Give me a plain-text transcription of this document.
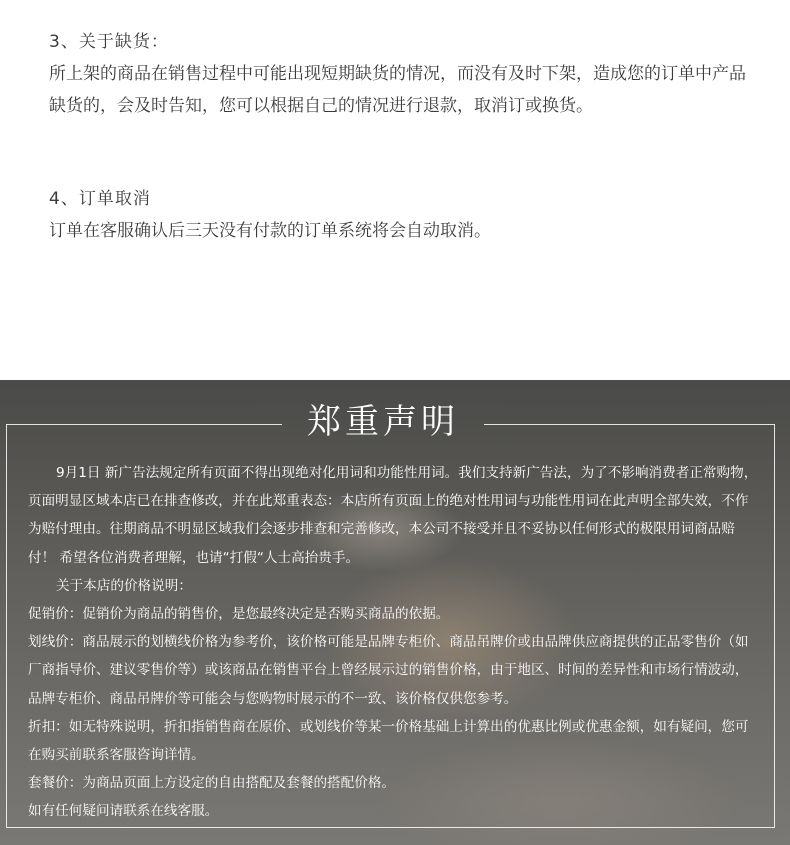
3、关于缺货：

所上架的商品在销售过程中可能出现短期缺货的情况，而没有及时下架，造成您的订单中产品缺货的，会及时告知，您可以根据自己的情况进行退款，取消订或换货。

4、订单取消

订单在客服确认后三天没有付款的订单系统将会自动取消。

郑重声明

9月1日 新广告法规定所有页面不得出现绝对化用词和功能性用词。我们支持新广告法，为了不影响消费者正常购物，页面明显区域本店已在排查修改，并在此郑重表态：本店所有页面上的绝对性用词与功能性用词在此声明全部失效，不作为赔付理由。往期商品不明显区域我们会逐步排查和完善修改，本公司不接受并且不妥协以任何形式的极限用词商品赔付！ 希望各位消费者理解，也请“打假“人士高抬贵手。

关于本店的价格说明：

促销价：促销价为商品的销售价，是您最终决定是否购买商品的依据。

划线价：商品展示的划横线价格为参考价，该价格可能是品牌专柜价、商品吊牌价或由品牌供应商提供的正品零售价（如厂商指导价、建议零售价等）或该商品在销售平台上曾经展示过的销售价格，由于地区、时间的差异性和市场行情波动，品牌专柜价、商品吊牌价等可能会与您购物时展示的不一致、该价格仅供您参考。

折扣：如无特殊说明，折扣指销售商在原价、或划线价等某一价格基础上计算出的优惠比例或优惠金额，如有疑问，您可在购买前联系客服咨询详情。

套餐价：为商品页面上方设定的自由搭配及套餐的搭配价格。

如有任何疑问请联系在线客服。
